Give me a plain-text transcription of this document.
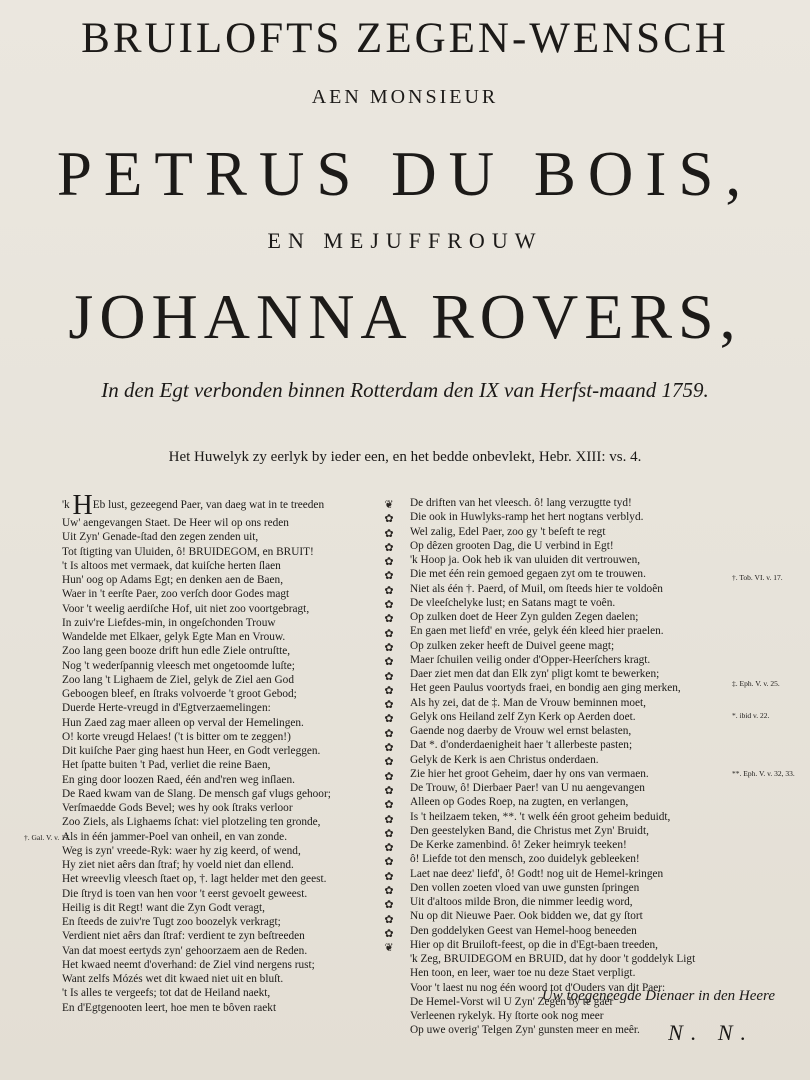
BRUILOFTS ZEGEN-WENSCH
AEN MONSIEUR
PETRUS DU BOIS,
EN MEJUFFROUW
JOHANNA ROVERS,
In den Egt verbonden binnen Rotterdam den IX van Herfst-maand 1759.
Het Huwelyk zy eerlyk by ieder een, en het bedde onbevlekt, Hebr. XIII: vs. 4.
'k HEb lust, gezeegend Paer, van daeg wat in te treeden
Uw' aengevangen Staet. De Heer wil op ons reden
Uit Zyn' Genade-ſtad den zegen zenden uit,
Tot ſtigting van Uluiden, ô! BRUIDEGOM, en BRUIT!
't Is altoos met vermaek, dat kuiſche herten ſlaen
Hun' oog op Adams Egt; en denken aen de Baen,
Waer in 't eerſte Paer, zoo verſch door Godes magt
Voor 't weelig aerdiſche Hof, uit niet zoo voortgebragt,
In zuiv're Liefdes-min, in ongeſchonden Trouw
Wandelde met Elkaer, gelyk Egte Man en Vrouw.
Zoo lang geen booze drift hun edle Ziele ontruſtte,
Nog 't wederſpannig vleesch met ongetoomde luſte;
Zoo lang 't Lighaem de Ziel, gelyk de Ziel aen God
Geboogen bleef, en ſtraks volvoerde 't groot Gebod;
Duerde Herte-vreugd in d'Egtverzaemelingen:
Hun Zaed zag maer alleen op verval der Hemelingen.
O! korte vreugd Helaes! ('t is bitter om te zeggen!)
Dit kuiſche Paer ging haest hun Heer, en Godt verleggen.
Het ſpatte buiten 't Pad, verliet die reine Baen,
En ging door loozen Raed, één and'ren weg inſlaen.
De Raed kwam van de Slang. De mensch gaf vlugs gehoor;
Verſmaedde Gods Bevel; wes hy ook ſtraks verloor
Zoo Ziels, als Lighaems ſchat: viel plotzeling ten gronde,
Als in één jammer-Poel van onheil, en van zonde.
Weg is zyn' vreede-Ryk: waer hy zig keerd, of wend,
Hy ziet niet aêrs dan ſtraf; hy voeld niet dan ellend.
Het wreevlig vleesch ſtaet op, †. lagt helder met den geest.
Die ſtryd is toen van hen voor 't eerst gevoelt geweest.
Heilig is dit Regt! want die Zyn Godt veragt,
En ſteeds de zuiv're Tugt zoo boozelyk verkragt;
Verdient niet aêrs dan ſtraf: verdient te zyn beſtreeden
Van dat moest eertyds zyn' gehoorzaem aen de Reden.
Het kwaed neemt d'overhand: de Ziel vind nergens rust;
Want zelfs Mózés wet dit kwaed niet uit en bluſt.
't Is alles te vergeefs; tot dat de Heiland naekt,
En d'Egtgenooten leert, hoe men te bôven raekt
❦
✿
✿
✿
✿
✿
✿
✿
✿
✿
✿
✿
✿
✿
✿
✿
✿
✿
✿
✿
✿
✿
✿
✿
✿
✿
✿
✿
✿
✿
✿
❦
De driften van het vleesch. ô! lang verzugtte tyd!
Die ook in Huwlyks-ramp het hert nogtans verblyd.
Wel zalig, Edel Paer, zoo gy 't beſeft te regt
Op dêzen grooten Dag, die U verbind in Egt!
'k Hoop ja. Ook heb ik van uluiden dit vertrouwen,
Die met één rein gemoed gegaen zyt om te trouwen.
Niet als één †. Paerd, of Muil, om ſteeds hier te voldoên
De vleeſchelyke lust; en Satans magt te voên.
Op zulken doet de Heer Zyn gulden Zegen daelen;
En gaen met liefd' en vrée, gelyk één kleed hier praelen.
Op zulken zeker heeft de Duivel geene magt;
Maer ſchuilen veilig onder d'Opper-Heerſchers kragt.
Daer ziet men dat dan Elk zyn' pligt komt te bewerken;
Het geen Paulus voortyds fraei, en bondig aen ging merken,
Als hy zei, dat de ‡. Man de Vrouw beminnen moet,
Gelyk ons Heiland zelf Zyn Kerk op Aerden doet.
Gaende nog daerby de Vrouw wel ernst belasten,
Dat *. d'onderdaenigheit haer 't allerbeste pasten;
Gelyk de Kerk is aen Christus onderdaen.
Zie hier het groot Geheim, daer hy ons van vermaen.
De Trouw, ô! Dierbaer Paer! van U nu aengevangen
Alleen op Godes Roep, na zugten, en verlangen,
Is 't heilzaem teken, **. 't welk één groot geheim beduidt,
Den geestelyken Band, die Christus met Zyn' Bruidt,
De Kerke zamenbind. ô! Zeker heimryk teeken!
ô! Liefde tot den mensch, zoo duidelyk gebleeken!
Laet nae deez' liefd', ô! Godt! nog uit de Hemel-kringen
Den vollen zoeten vloed van uwe gunsten ſpringen
Uit d'altoos milde Bron, die nimmer leedig word,
Nu op dit Nieuwe Paer. Ook bidden we, dat gy ſtort
Den goddelyken Geest van Hemel-hoog beneeden
Hier op dit Bruiloft-feest, op die in d'Egt-baen treeden,
'k Zeg, BRUIDEGOM en BRUID, dat hy door 't goddelyk Ligt
Hen toon, en leer, waer toe nu deze Staet verpligt.
Voor 't laest nu nog één woord tot d'Ouders van dit Paer:
De Hemel-Vorst wil U Zyn' Zegen by te gaer
Verleenen rykelyk. Hy ſtorte ook nog meer
Op uwe overig' Telgen Zyn' gunsten meer en meêr.
†. Gal. V. v. 17.
†. Tob. VI. v. 17.
‡. Eph. V. v. 25.
*. ibid v. 22.
**. Eph. V. v. 32, 33.
Uw toegeneegde Dienaer in den Heere
N. N.
